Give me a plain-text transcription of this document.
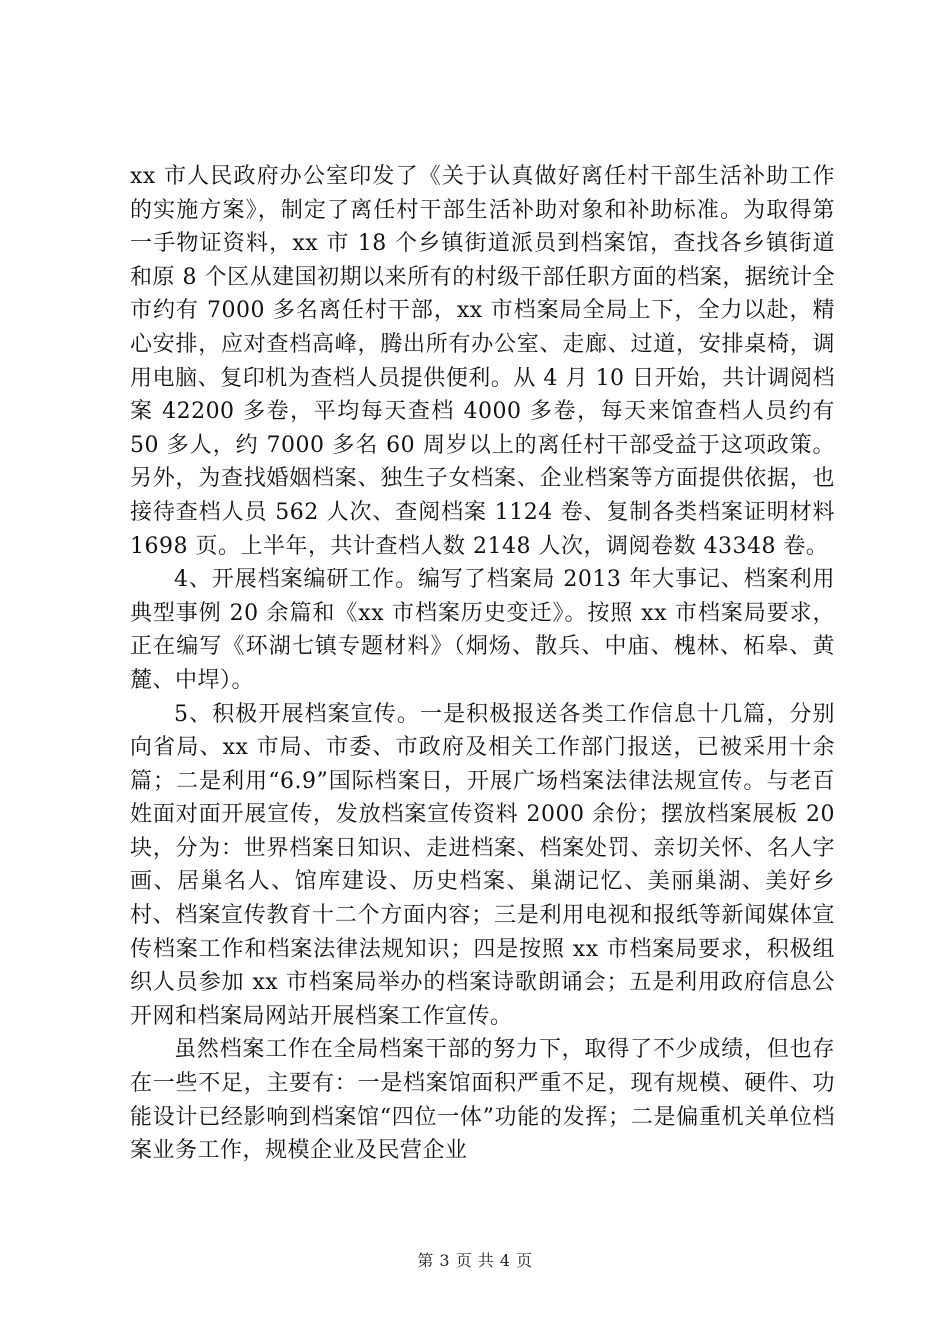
xx 市人民政府办公室印发了《关于认真做好离任村干部生活补助工作的实施方案》，制定了离任村干部生活补助对象和补助标准。为取得第一手物证资料，xx 市 18 个乡镇街道派员到档案馆，查找各乡镇街道和原 8 个区从建国初期以来所有的村级干部任职方面的档案，据统计全市约有 7000 多名离任村干部，xx 市档案局全局上下，全力以赴，精心安排，应对查档高峰，腾出所有办公室、走廊、过道，安排桌椅，调用电脑、复印机为查档人员提供便利。从 4 月 10 日开始，共计调阅档案 42200 多卷，平均每天查档 4000 多卷，每天来馆查档人员约有 50 多人，约 7000 多名 60 周岁以上的离任村干部受益于这项政策。另外，为查找婚姻档案、独生子女档案、企业档案等方面提供依据，也接待查档人员 562 人次、查阅档案 1124 卷、复制各类档案证明材料 1698 页。上半年，共计查档人数 2148 人次，调阅卷数 43348 卷。

4、开展档案编研工作。编写了档案局 2013 年大事记、档案利用典型事例 20 余篇和《xx 市档案历史变迁》。按照 xx 市档案局要求，正在编写《环湖七镇专题材料》（烔炀、散兵、中庙、槐林、柘皋、黄麓、中垾）。

5、积极开展档案宣传。一是积极报送各类工作信息十几篇，分别向省局、xx 市局、市委、市政府及相关工作部门报送，已被采用十余篇；二是利用“6.9”国际档案日，开展广场档案法律法规宣传。与老百姓面对面开展宣传，发放档案宣传资料 2000 余份；摆放档案展板 20 块，分为：世界档案日知识、走进档案、档案处罚、亲切关怀、名人字画、居巢名人、馆库建设、历史档案、巢湖记忆、美丽巢湖、美好乡村、档案宣传教育十二个方面内容；三是利用电视和报纸等新闻媒体宣传档案工作和档案法律法规知识；四是按照 xx 市档案局要求，积极组织人员参加 xx 市档案局举办的档案诗歌朗诵会；五是利用政府信息公开网和档案局网站开展档案工作宣传。

虽然档案工作在全局档案干部的努力下，取得了不少成绩，但也存在一些不足，主要有：一是档案馆面积严重不足，现有规模、硬件、功能设计已经影响到档案馆“四位一体”功能的发挥；二是偏重机关单位档案业务工作，规模企业及民营企业

第 3 页 共 4 页
